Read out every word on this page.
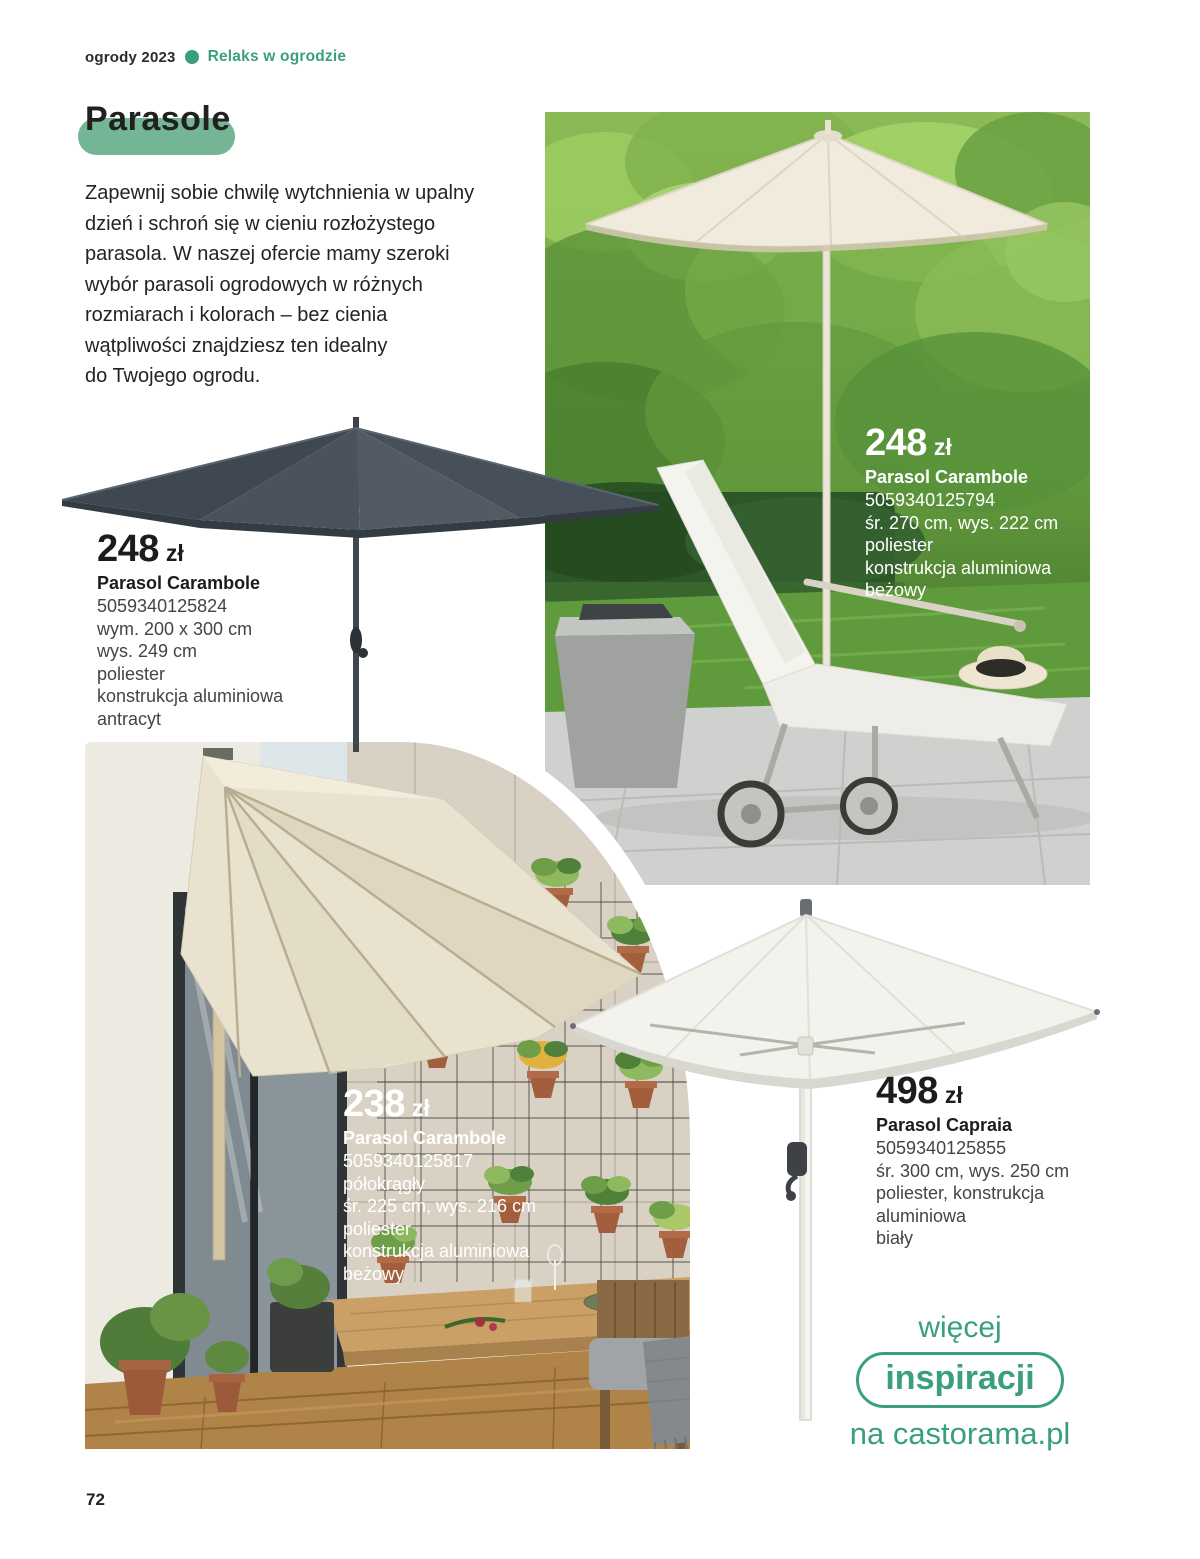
ogrody 2023 Relaks w ogrodzie
Parasole
Zapewnij sobie chwilę wytchnienia w upalny
dzień i schroń się w cieniu rozłożystego
parasola. W naszej ofercie mamy szeroki
wybór parasoli ogrodowych w różnych
rozmiarach i kolorach – bez cienia
wątpliwości znajdziesz ten idealny
do Twojego ogrodu.
248 zł
Parasol Carambole
5059340125824
wym. 200 x 300 cm
wys. 249 cm
poliester
konstrukcja aluminiowa
antracyt
248 zł
Parasol Carambole
5059340125794
śr. 270 cm, wys. 222 cm
poliester
konstrukcja aluminiowa
beżowy
238 zł
Parasol Carambole
5059340125817
półokrągły
śr. 225 cm, wys. 216 cm
poliester
konstrukcja aluminiowa
beżowy
498 zł
Parasol Capraia
5059340125855
śr. 300 cm, wys. 250 cm
poliester, konstrukcja
aluminiowa
biały
więcej
inspiracji
na castorama.pl
72
